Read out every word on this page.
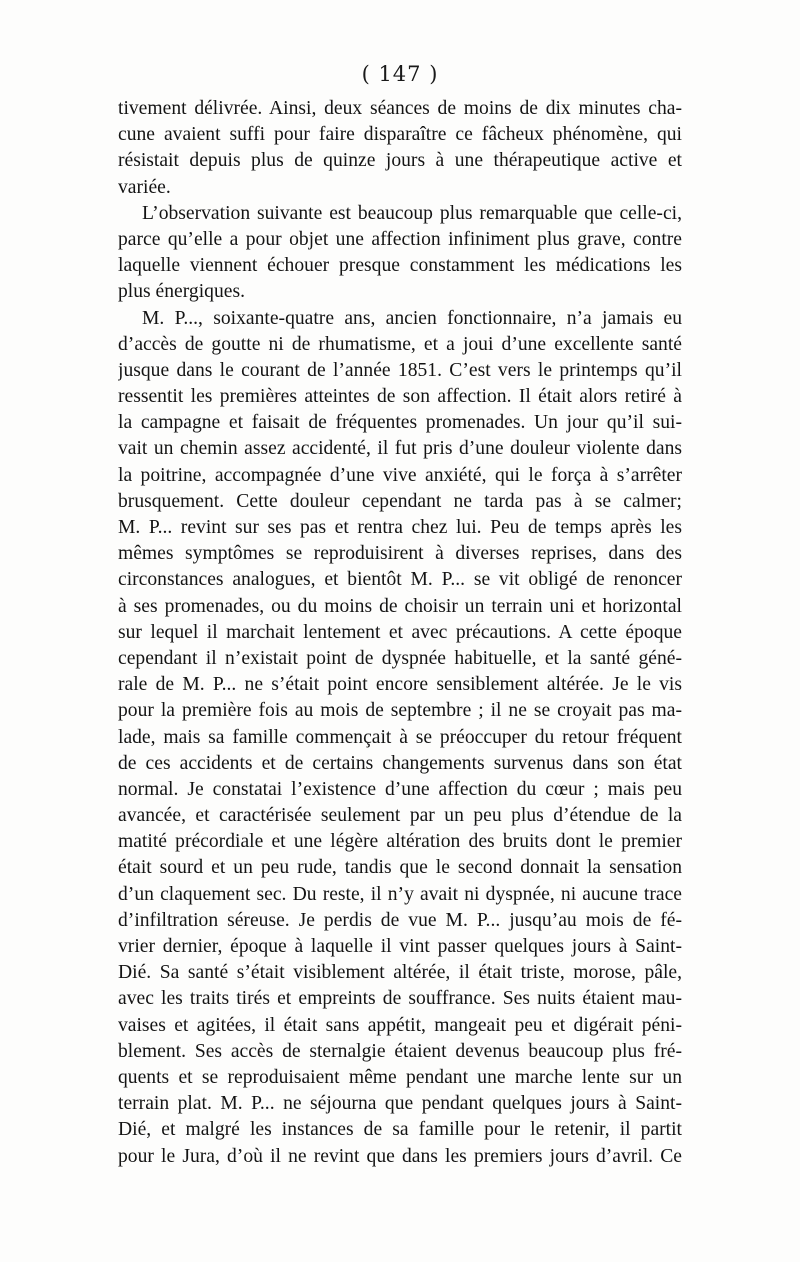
( 147 )
tivement délivrée. Ainsi, deux séances de moins de dix minutes cha-
cune avaient suffi pour faire disparaître ce fâcheux phénomène, qui
résistait depuis plus de quinze jours à une thérapeutique active et
variée.
L’observation suivante est beaucoup plus remarquable que celle-ci,
parce qu’elle a pour objet une affection infiniment plus grave, contre
laquelle viennent échouer presque constamment les médications les
plus énergiques.
M. P..., soixante-quatre ans, ancien fonctionnaire, n’a jamais eu
d’accès de goutte ni de rhumatisme, et a joui d’une excellente santé
jusque dans le courant de l’année 1851. C’est vers le printemps qu’il
ressentit les premières atteintes de son affection. Il était alors retiré à
la campagne et faisait de fréquentes promenades. Un jour qu’il sui-
vait un chemin assez accidenté, il fut pris d’une douleur violente dans
la poitrine, accompagnée d’une vive anxiété, qui le força à s’arrêter
brusquement. Cette douleur cependant ne tarda pas à se calmer;
M. P... revint sur ses pas et rentra chez lui. Peu de temps après les
mêmes symptômes se reproduisirent à diverses reprises, dans des
circonstances analogues, et bientôt M. P... se vit obligé de renoncer
à ses promenades, ou du moins de choisir un terrain uni et horizontal
sur lequel il marchait lentement et avec précautions. A cette époque
cependant il n’existait point de dyspnée habituelle, et la santé géné-
rale de M. P... ne s’était point encore sensiblement altérée. Je le vis
pour la première fois au mois de septembre ; il ne se croyait pas ma-
lade, mais sa famille commençait à se préoccuper du retour fréquent
de ces accidents et de certains changements survenus dans son état
normal. Je constatai l’existence d’une affection du cœur ; mais peu
avancée, et caractérisée seulement par un peu plus d’étendue de la
matité précordiale et une légère altération des bruits dont le premier
était sourd et un peu rude, tandis que le second donnait la sensation
d’un claquement sec. Du reste, il n’y avait ni dyspnée, ni aucune trace
d’infiltration séreuse. Je perdis de vue M. P... jusqu’au mois de fé-
vrier dernier, époque à laquelle il vint passer quelques jours à Saint-
Dié. Sa santé s’était visiblement altérée, il était triste, morose, pâle,
avec les traits tirés et empreints de souffrance. Ses nuits étaient mau-
vaises et agitées, il était sans appétit, mangeait peu et digérait péni-
blement. Ses accès de sternalgie étaient devenus beaucoup plus fré-
quents et se reproduisaient même pendant une marche lente sur un
terrain plat. M. P... ne séjourna que pendant quelques jours à Saint-
Dié, et malgré les instances de sa famille pour le retenir, il partit
pour le Jura, d’où il ne revint que dans les premiers jours d’avril. Ce
